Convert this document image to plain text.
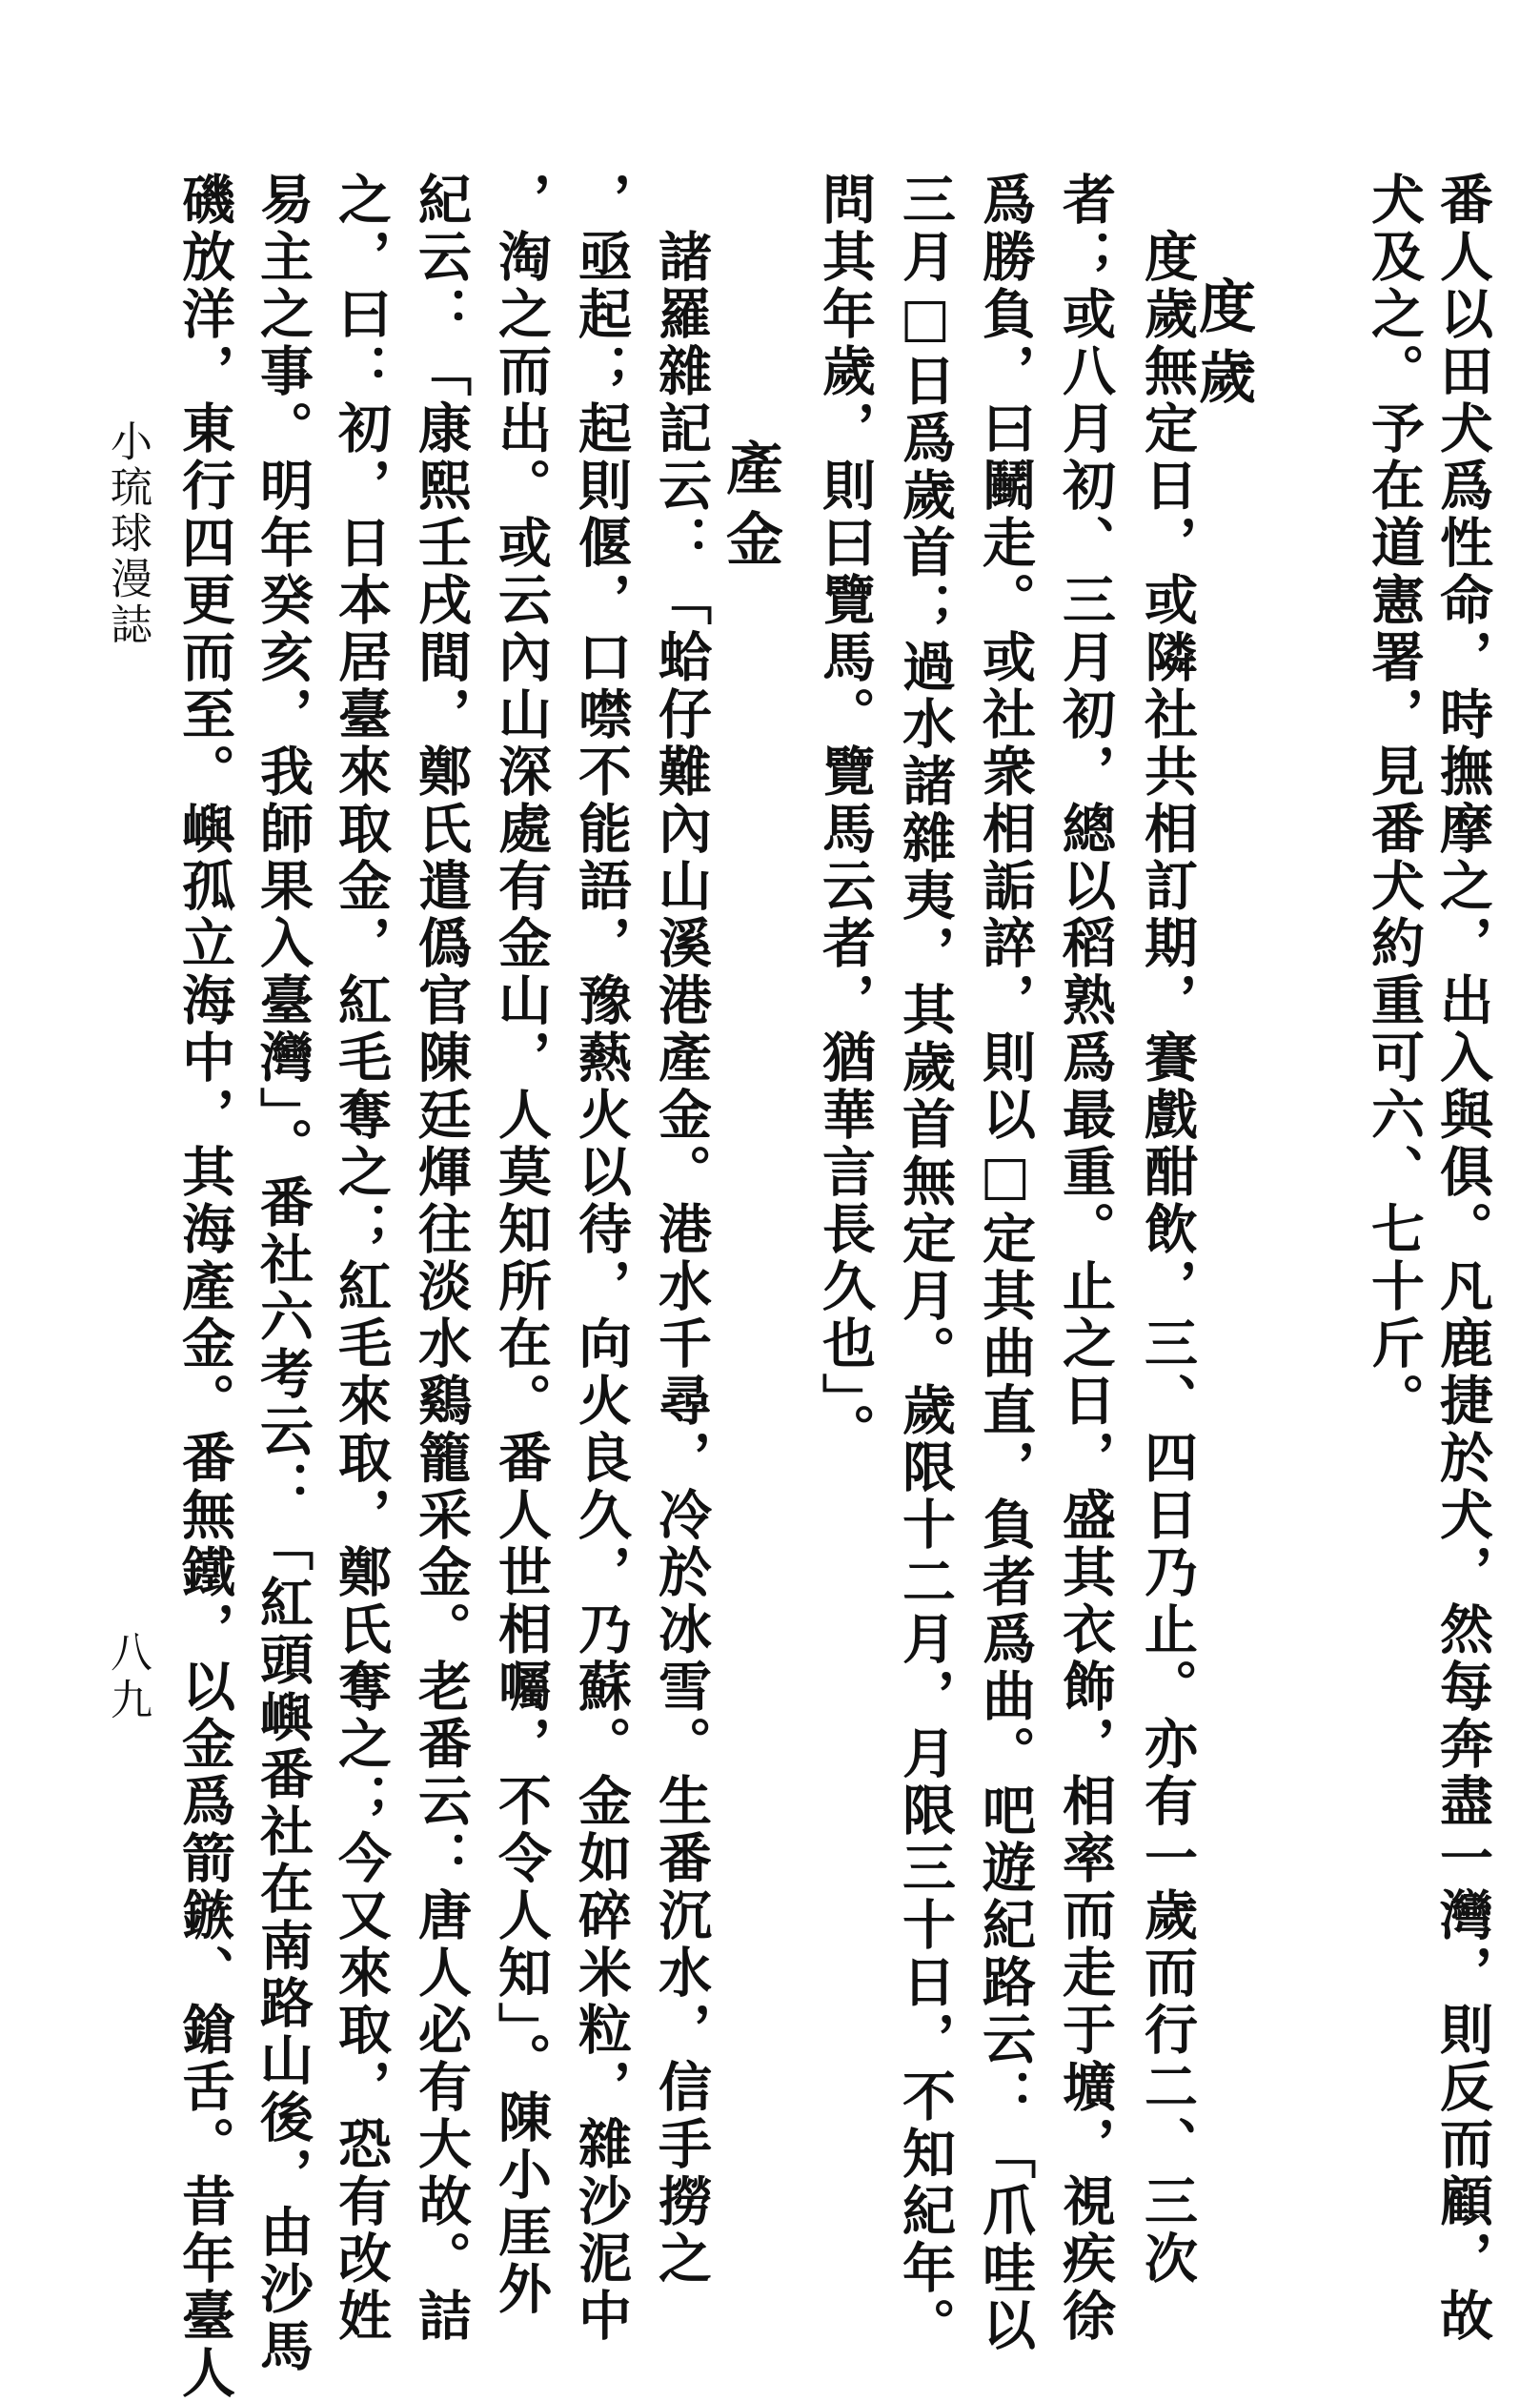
番人以田犬爲性命，時撫摩之，出入與俱。凡鹿捷於犬，然每奔盡一灣，則反而顧，故
犬及之。予在道憲署，見番犬約重可六、七十斤。
度歲
度歲無定日，或隣社共相訂期，賽戲酣飲，三、四日乃止。亦有一歲而行二、三次
者；或八月初、三月初，總以稻熟爲最重。止之日，盛其衣飾，相率而走于壙，視疾徐
爲勝負，曰鬭走。或社衆相詬誶，則以□定其曲直，負者爲曲。吧遊紀路云：「爪哇以
三月□日爲歲首；過水諸雜夷，其歲首無定月。歲限十二月，月限三十日，不知紀年。
問其年歲，則曰覽馬。覽馬云者，猶華言長久也」。
產金
諸羅雜記云：「蛤仔難內山溪港產金。港水千尋，冷於冰雪。生番沉水，信手撈之
，亟起；起則偃，口噤不能語，豫爇火以待，向火良久，乃蘇。金如碎米粒，雜沙泥中
，淘之而出。或云內山深處有金山，人莫知所在。番人世相囑，不令人知」。陳小厓外
紀云：「康熙壬戌間，鄭氏遣僞官陳廷煇往淡水鷄籠采金。老番云：唐人必有大故。詰
之，曰：初，日本居臺來取金，紅毛奪之；紅毛來取，鄭氏奪之；今又來取，恐有改姓
易主之事。明年癸亥，我師果入臺灣」。番社六考云：「紅頭嶼番社在南路山後，由沙馬
磯放洋，東行四更而至。嶼孤立海中，其海產金。番無鐵，以金爲箭鏃、鎗舌。昔年臺人
小琉球漫誌
八九
